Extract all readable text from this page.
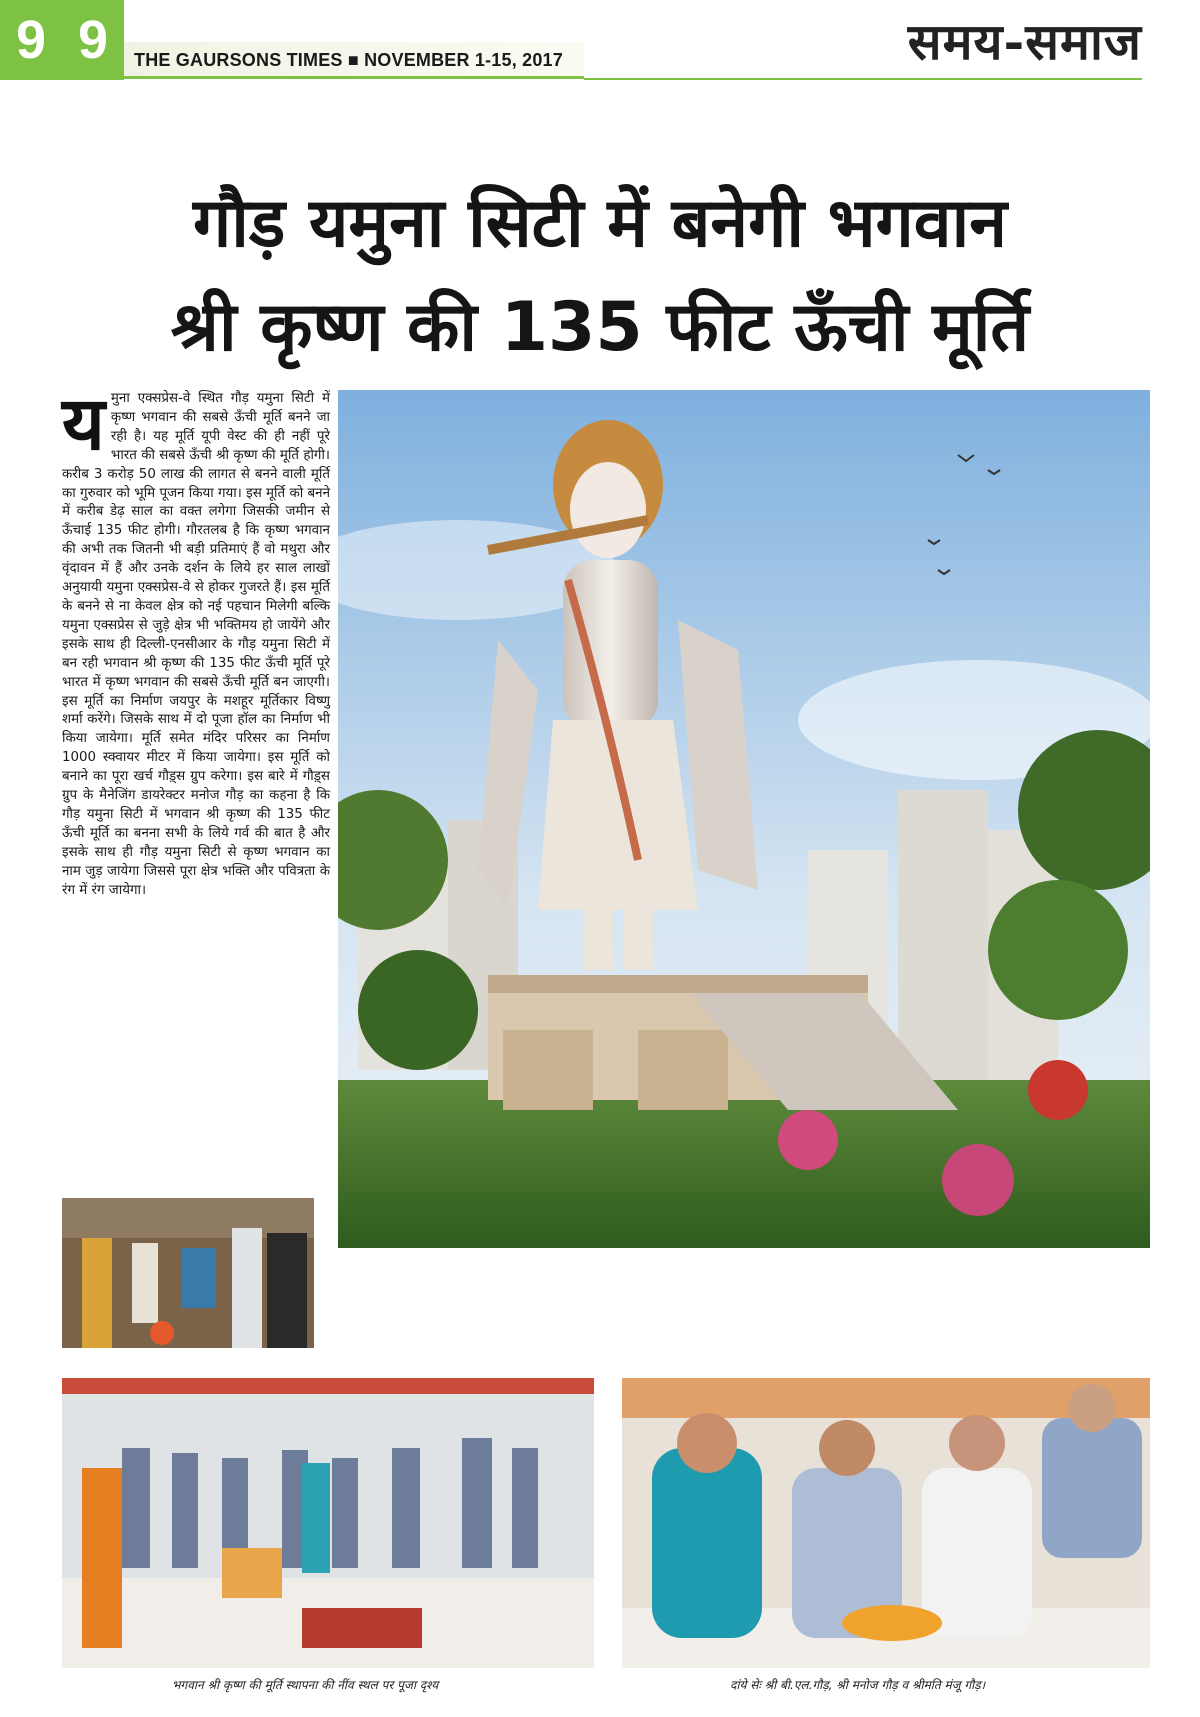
9 9	THE GAURSONS TIMES ■ NOVEMBER 1-15, 2017	समय-समाज
गौड़ यमुना सिटी में बनेगी भगवान
श्री कृष्ण की 135 फीट ऊँची मूर्ति
यमुना एक्सप्रेस-वे स्थित गौड़ यमुना सिटी में कृष्ण भगवान की सबसे ऊँची मूर्ति बनने जा रही है। यह मूर्ति यूपी वेस्ट की ही नहीं पूरे भारत की सबसे ऊँची श्री कृष्ण की मूर्ति होगी। करीब 3 करोड़ 50 लाख की लागत से बनने वाली मूर्ति का गुरुवार को भूमि पूजन किया गया। इस मूर्ति को बनने में करीब डेढ़ साल का वक्त लगेगा जिसकी जमीन से ऊँचाई 135 फीट होगी। गौरतलब है कि कृष्ण भगवान की अभी तक जितनी भी बड़ी प्रतिमाएं हैं वो मथुरा और वृंदावन में हैं और उनके दर्शन के लिये हर साल लाखों अनुयायी यमुना एक्सप्रेस-वे से होकर गुजरते हैं। इस मूर्ति के बनने से ना केवल क्षेत्र को नई पहचान मिलेगी बल्कि यमुना एक्सप्रेस से जुड़े क्षेत्र भी भक्तिमय हो जायेंगे और इसके साथ ही दिल्ली-एनसीआर के गौड़ यमुना सिटी में बन रही भगवान श्री कृष्ण की 135 फीट ऊँची मूर्ति पूरे भारत में कृष्ण भगवान की सबसे ऊँची मूर्ति बन जाएगी। इस मूर्ति का निर्माण जयपुर के मशहूर मूर्तिकार विष्णु शर्मा करेंगे। जिसके साथ में दो पूजा हॉल का निर्माण भी किया जायेगा। मूर्ति समेत मंदिर परिसर का निर्माण 1000 स्क्वायर मीटर में किया जायेगा। इस मूर्ति को बनाने का पूरा खर्च गौड़्स ग्रुप करेगा। इस बारे में गौड़्स ग्रुप के मैनेजिंग डायरेक्टर मनोज गौड़ का कहना है कि गौड़ यमुना सिटी में भगवान श्री कृष्ण की 135 फीट ऊँची मूर्ति का बनना सभी के लिये गर्व की बात है और इसके साथ ही गौड़ यमुना सिटी से कृष्ण भगवान का नाम जुड़ जायेगा जिससे पूरा क्षेत्र भक्ति और पवित्रता के रंग में रंग जायेगा।
भगवान श्री कृष्ण की मूर्ति स्थापना की नींव स्थल पर पूजा दृश्य	दांये सेः श्री बी.एल.गौड़, श्री मनोज गौड़ व श्रीमति मंजू गौड़।
